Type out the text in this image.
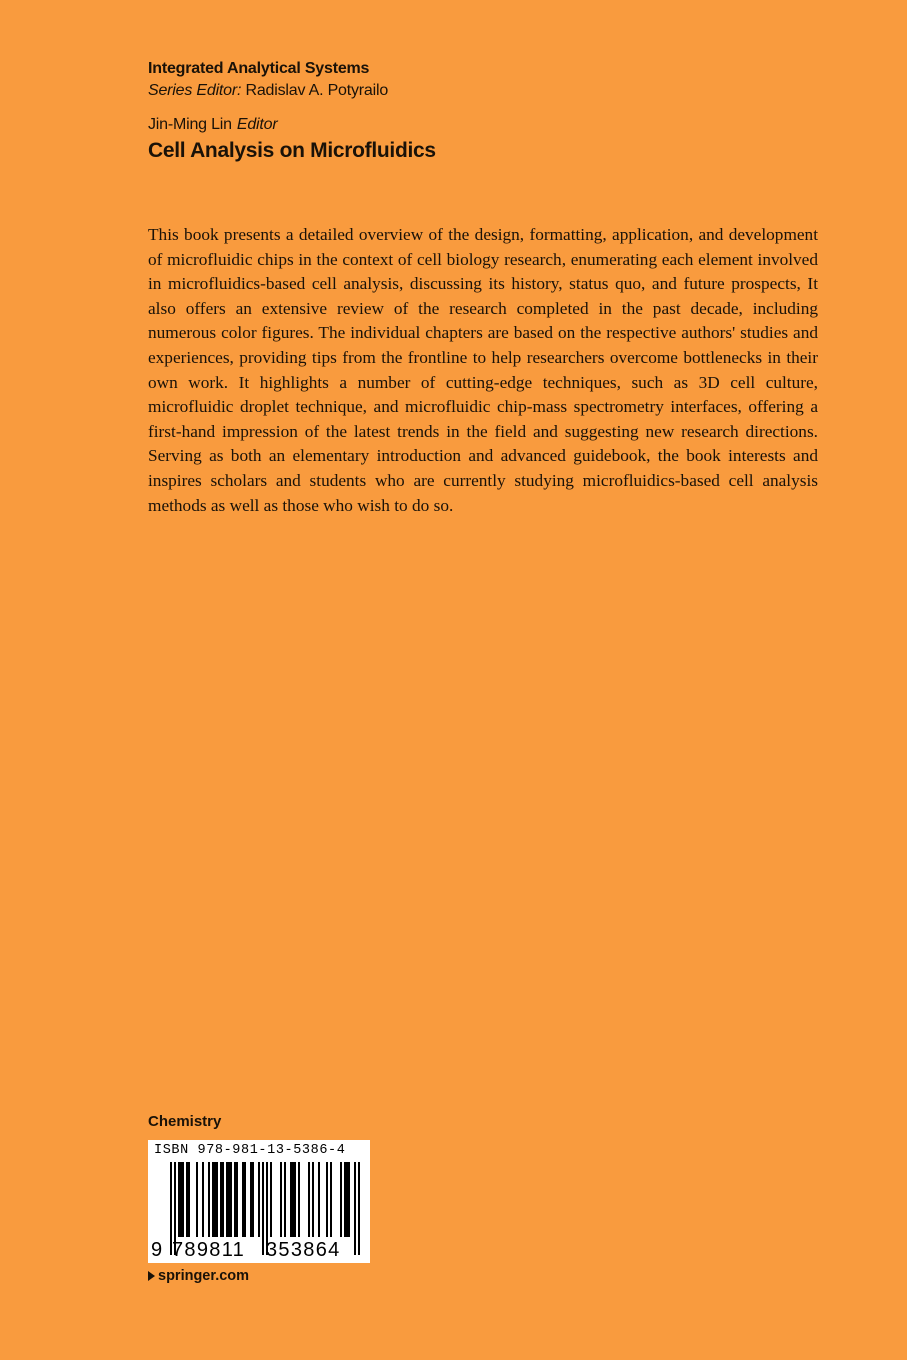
Integrated Analytical Systems
Series Editor: Radislav A. Potyrailo
Jin-Ming Lin Editor
Cell Analysis on Microfluidics

This book presents a detailed overview of the design, formatting, application, and development of microfluidic chips in the context of cell biology research, enumerating each element involved in microfluidics-based cell analysis, discussing its history, status quo, and future prospects, It also offers an extensive review of the research completed in the past decade, including numerous color figures. The individual chapters are based on the respective authors' studies and experiences, providing tips from the frontline to help researchers overcome bottlenecks in their own work. It highlights a number of cutting-edge techniques, such as 3D cell culture, microfluidic droplet technique, and microfluidic chip-mass spectrometry interfaces, offering a first-hand impression of the latest trends in the field and suggesting new research directions. Serving as both an elementary introduction and advanced guidebook, the book interests and inspires scholars and students who are currently studying microfluidics-based cell analysis methods as well as those who wish to do so.

Chemistry
ISBN 978-981-13-5386-4
9 789811	353864
springer.com
